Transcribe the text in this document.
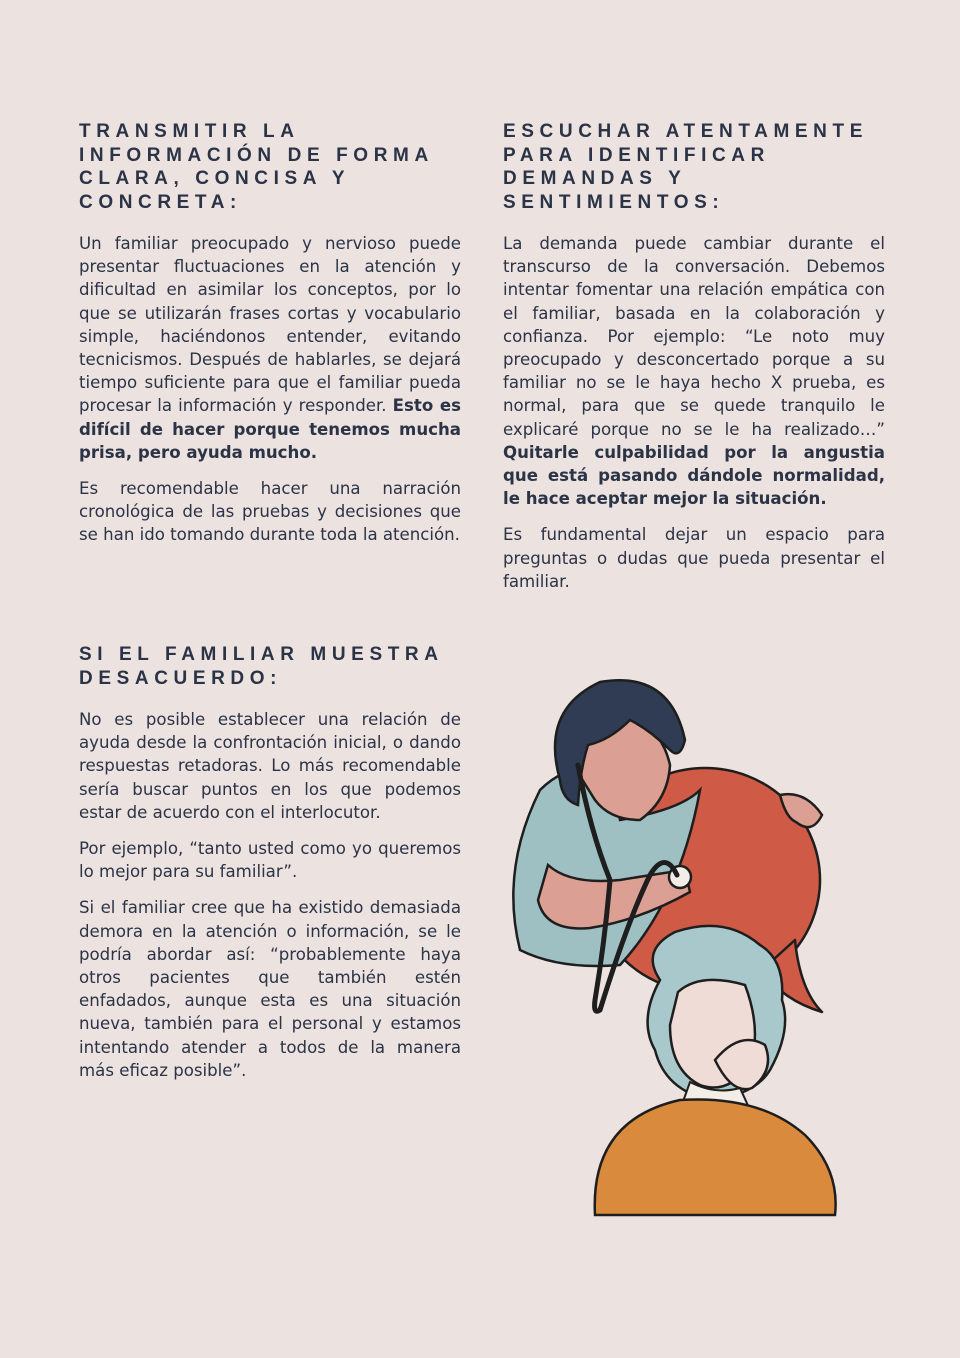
TRANSMITIR LA INFORMACIÓN DE FORMA CLARA, CONCISA Y CONCRETA:

Un familiar preocupado y nervioso puede presentar fluctuaciones en la atención y dificultad en asimilar los conceptos, por lo que se utilizarán frases cortas y vocabulario simple, haciéndonos entender, evitando tecnicismos. Después de hablarles, se dejará tiempo suficiente para que el familiar pueda procesar la información y responder. Esto es difícil de hacer porque tenemos mucha prisa, pero ayuda mucho.

Es recomendable hacer una narración cronológica de las pruebas y decisiones que se han ido tomando durante toda la atención.

ESCUCHAR ATENTAMENTE PARA IDENTIFICAR DEMANDAS Y SENTIMIENTOS:

La demanda puede cambiar durante el transcurso de la conversación. Debemos intentar fomentar una relación empática con el familiar, basada en la colaboración y confianza. Por ejemplo: “Le noto muy preocupado y desconcertado porque a su familiar no se le haya hecho X prueba, es normal, para que se quede tranquilo le explicaré porque no se le ha realizado…” Quitarle culpabilidad por la angustia que está pasando dándole normalidad, le hace aceptar mejor la situación.

Es fundamental dejar un espacio para preguntas o dudas que pueda presentar el familiar.

SI EL FAMILIAR MUESTRA DESACUERDO:

No es posible establecer una relación de ayuda desde la confrontación inicial, o dando respuestas retadoras. Lo más recomendable sería buscar puntos en los que podemos estar de acuerdo con el interlocutor.

Por ejemplo, “tanto usted como yo queremos lo mejor para su familiar”.

Si el familiar cree que ha existido demasiada demora en la atención o información, se le podría abordar así: “probablemente haya otros pacientes que también estén enfadados, aunque esta es una situación nueva, también para el personal y estamos intentando atender a todos de la manera más eficaz posible”.
